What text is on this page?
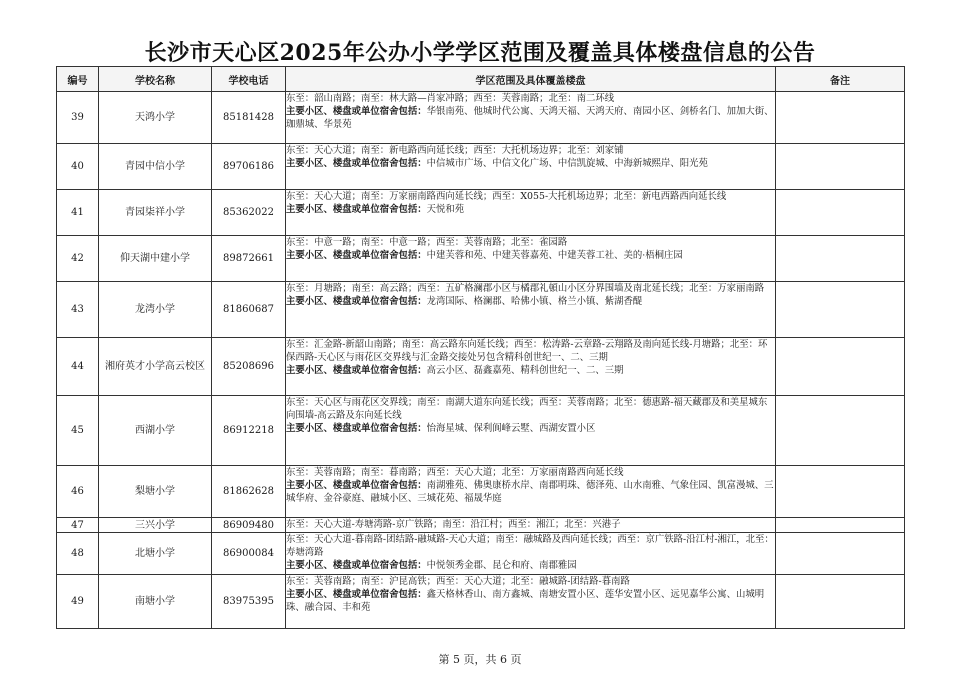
长沙市天心区2025年公办小学学区范围及覆盖具体楼盘信息的公告
编号	学校名称	学校电话	学区范围及具体覆盖楼盘	备注
39	天鸿小学	85181428	东至：韶山南路；南至：林大路—肖家冲路；西至：芙蓉南路；北至：南二环线
主要小区、楼盘或单位宿舍包括：华银南苑、他城时代公寓、天鸿天福、天鸿天府、南园小区、剑桥名门、加加大街、珈鼎城、华景苑	

40	青园中信小学	89706186	东至：天心大道；南至：新电路西向延长线；西至：大托机场边界；北至：刘家铺
主要小区、楼盘或单位宿舍包括：中信城市广场、中信文化广场、中信凯旋城、中海新城熙岸、阳光苑	

41	青园柒祥小学	85362022	东至：天心大道；南至：万家丽南路西向延长线；西至：X055-大托机场边界；北至：新电西路西向延长线
主要小区、楼盘或单位宿舍包括：天悦和苑	

42	仰天湖中建小学	89872661	东至：中意一路；南至：中意一路；西至：芙蓉南路；北至：雀园路
主要小区、楼盘或单位宿舍包括：中建芙蓉和苑、中建芙蓉嘉苑、中建芙蓉工社、美的·梧桐庄园	

43	龙湾小学	81860687	东至：月塘路；南至：高云路；西至：五矿格澜郡小区与橘郡礼頓山小区分界围墙及南北延长线；北至：万家丽南路
主要小区、楼盘或单位宿舍包括：龙湾国际、格澜郡、哈佛小镇、格兰小镇、紫湖香醍	

44	湘府英才小学高云校区	85208696	东至：汇金路-新韶山南路；南至：高云路东向延长线；西至：松涛路-云章路-云翔路及南向延长线-月塘路；北至：环保西路-天心区与雨花区交界线与汇金路交接处另包含精科创世纪一、二、三期
主要小区、楼盘或单位宿舍包括：高云小区、磊鑫嘉苑、精科创世纪一、二、三期	

45	西湖小学	86912218	东至：天心区与雨花区交界线；南至：南湖大道东向延长线；西至：芙蓉南路；北至：德惠路-福天藏郡及和美星城东向围墙-高云路及东向延长线
主要小区、楼盘或单位宿舍包括：怡海星城、保利阆峰云墅、西湖安置小区	

46	梨塘小学	81862628	东至：芙蓉南路；南至：暮南路；西至：天心大道；北至：万家丽南路西向延长线
主要小区、楼盘或单位宿舍包括：南湖雅苑、佛奥康桥水岸、南郡明珠、德泽苑、山水南雅、气象住园、凯富漫城、三城华府、金谷豪庭、融城小区、三城花苑、福晟华庭	

47	三兴小学	86909480	东至：天心大道-寿塘湾路-京广铁路；南至：沿江村；西至：湘江；北至：兴港子	

48	北塘小学	86900084	东至：天心大道-暮南路-团结路-融城路-天心大道；南至：融城路及西向延长线；西至：京广铁路-沿江村-湘江，北至：寿塘湾路
主要小区、楼盘或单位宿舍包括：中悦领秀金郡、昆仑和府、南郡雅园	

49	南塘小学	83975395	东至：芙蓉南路；南至：沪昆高铁；西至：天心大道；北至：融城路-团结路-暮南路
主要小区、楼盘或单位宿舍包括：鑫天格林香山、南方鑫城、南塘安置小区、莲华安置小区、远见嘉华公寓、山城明珠、融合园、丰和苑	

第 5 页，共 6 页
